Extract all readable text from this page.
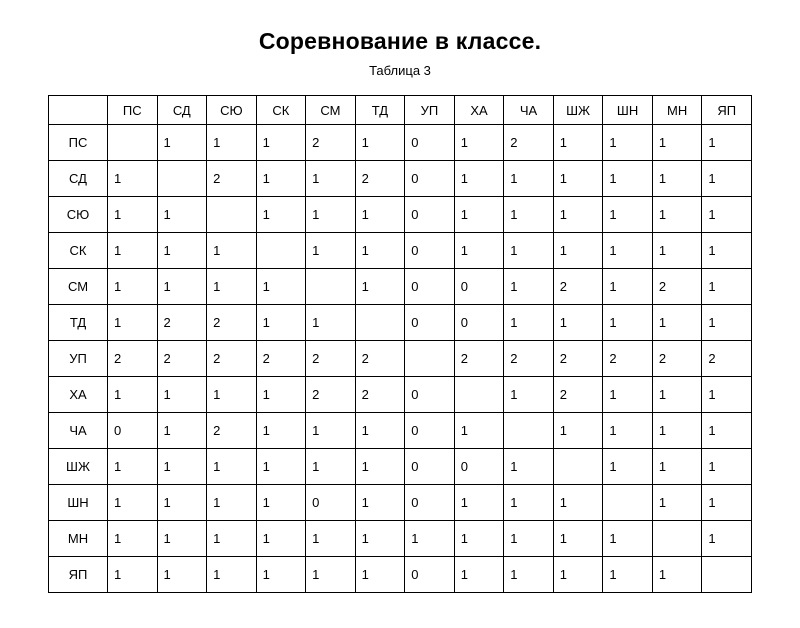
Соревнование в классе.
Таблица 3
	ПС	СД	СЮ	СК	СМ	ТД	УП	ХА	ЧА	ШЖ	ШН	МН	ЯП
ПС		1	1	1	2	1	0	1	2	1	1	1	1
СД	1		2	1	1	2	0	1	1	1	1	1	1
СЮ	1	1		1	1	1	0	1	1	1	1	1	1
СК	1	1	1		1	1	0	1	1	1	1	1	1
СМ	1	1	1	1		1	0	0	1	2	1	2	1
ТД	1	2	2	1	1		0	0	1	1	1	1	1
УП	2	2	2	2	2	2		2	2	2	2	2	2
ХА	1	1	1	1	2	2	0		1	2	1	1	1
ЧА	0	1	2	1	1	1	0	1		1	1	1	1
ШЖ	1	1	1	1	1	1	0	0	1		1	1	1
ШН	1	1	1	1	0	1	0	1	1	1		1	1
МН	1	1	1	1	1	1	1	1	1	1	1		1
ЯП	1	1	1	1	1	1	0	1	1	1	1	1	
